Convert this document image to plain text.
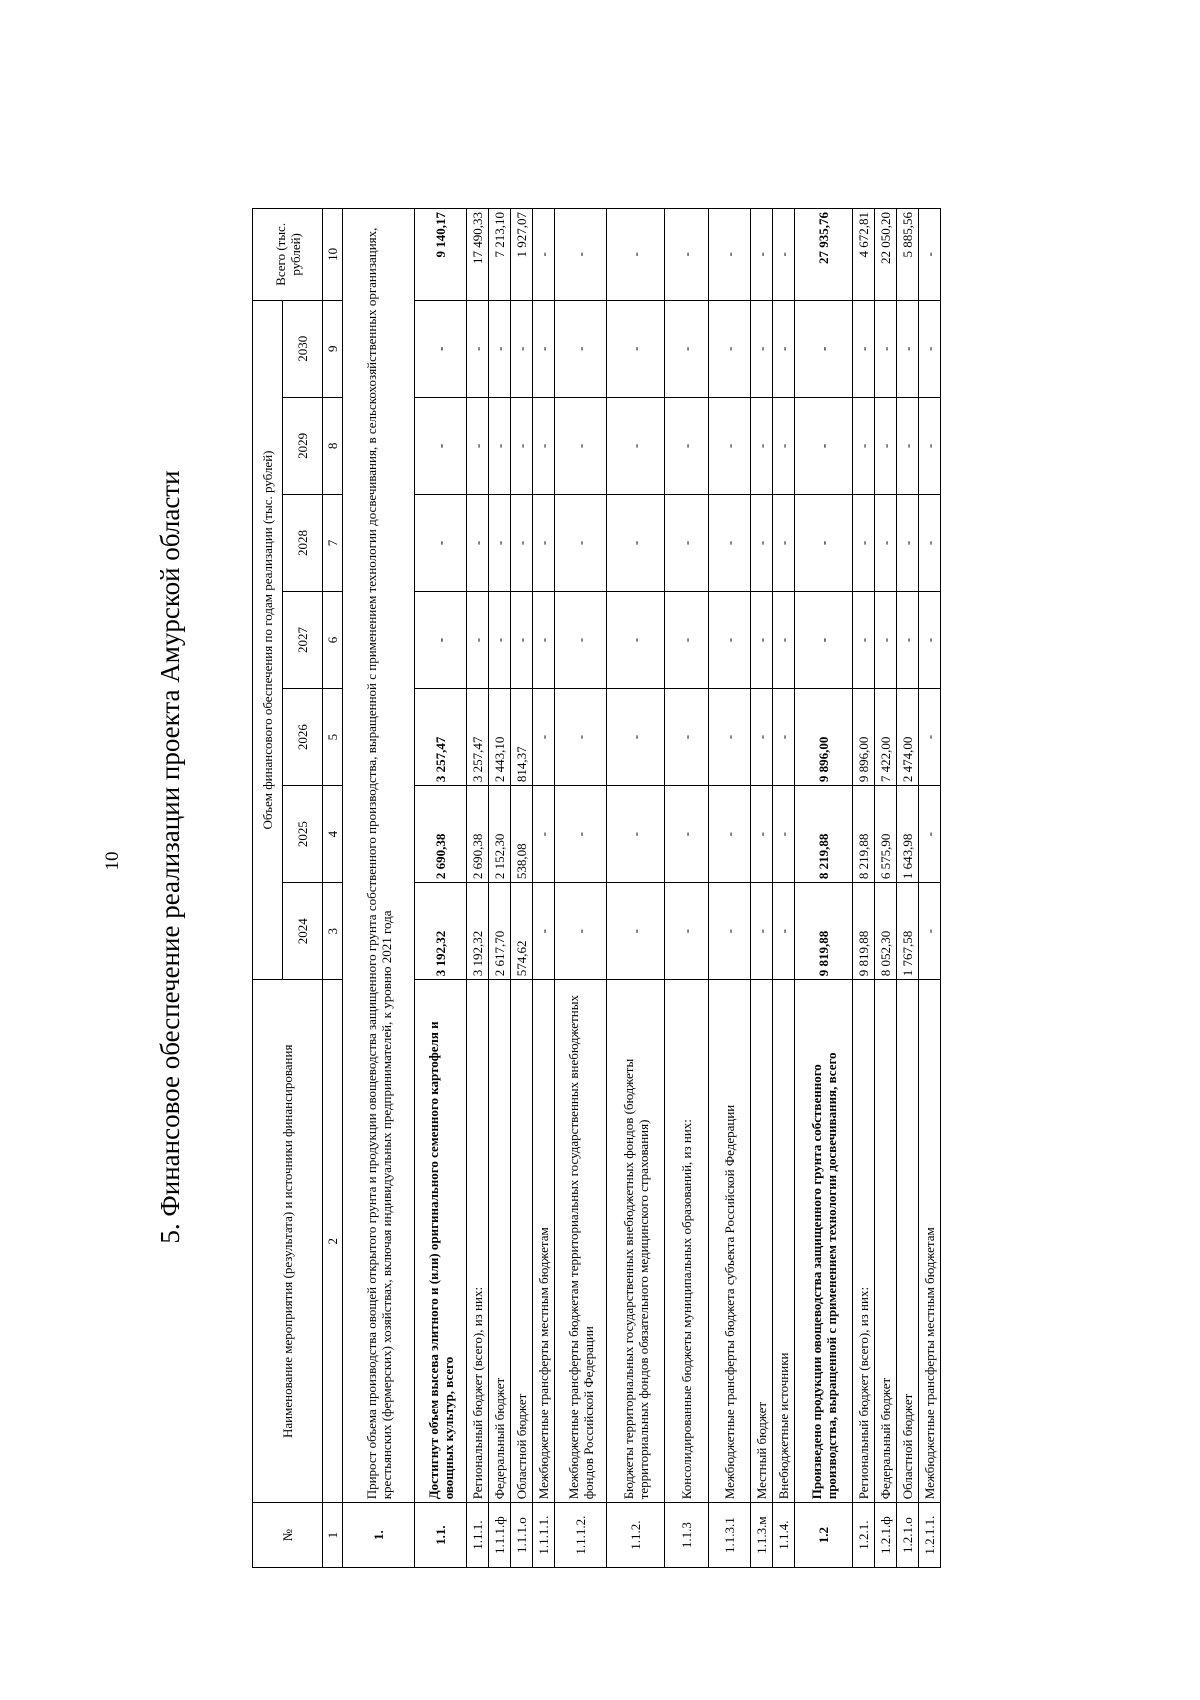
10 5. Финансовое обеспечение реализации проекта Амурской области
№	Наименование мероприятия (результата) и источники финансирования	Объем финансового обеспечения по годам реализации (тыс. рублей)							Всего (тыс. рублей)
		2024	2025	2026	2027	2028	2029	2030	
1	2	3	4	5	6	7	8	9	10
1.	Прирост объема производства овощей открытого грунта и продукции овощеводства защищенного грунта собственного производства, выращенной с применением технологии досвечивания, в сельскохозяйственных организациях, крестьянских (фермерских) хозяйствах, включая индивидуальных предпринимателей, к уровню 2021 года								
1.1.	Достигнут объем высева элитного и (или) оригинального семенного картофеля и овощных культур, всего	3 192,32	2 690,38	3 257,47	-	-	-	-	9 140,17
1.1.1.	Региональный бюджет (всего), из них:	3 192,32	2 690,38	3 257,47	-	-	-	-	17 490,33
1.1.1.ф	Федеральный бюджет	2 617,70	2 152,30	2 443,10	-	-	-	-	7 213,10
1.1.1.о	Областной бюджет	574,62	538,08	814,37	-	-	-	-	1 927,07
1.1.1.1.	Межбюджетные трансферты местным бюджетам	-	-	-	-	-	-	-	-
1.1.1.2.	Межбюджетные трансферты бюджетам территориальных государственных внебюджетных фондов Российской Федерации	-	-	-	-	-	-	-	-
1.1.2.	Бюджеты территориальных государственных внебюджетных фондов (бюджеты территориальных фондов обязательного медицинского страхования)	-	-	-	-	-	-	-	-
1.1.3	Консолидированные бюджеты муниципальных образований, из них:	-	-	-	-	-	-	-	-
1.1.3.1	Межбюджетные трансферты бюджета субъекта Российской Федерации	-	-	-	-	-	-	-	-
1.1.3.м	Местный бюджет	-	-	-	-	-	-	-	-
1.1.4.	Внебюджетные источники	-	-	-	-	-	-	-	-
1.2	Произведено продукции овощеводства защищенного грунта собственного производства, выращенной с применением технологии досвечивания, всего	9 819,88	8 219,88	9 896,00	-	-	-	-	27 935,76
1.2.1.	Региональный бюджет (всего), из них:	9 819,88	8 219,88	9 896,00	-	-	-	-	4 672,81
1.2.1.ф	Федеральный бюджет	8 052,30	6 575,90	7 422,00	-	-	-	-	22 050,20
1.2.1.о	Областной бюджет	1 767,58	1 643,98	2 474,00	-	-	-	-	5 885,56
1.2.1.1.	Межбюджетные трансферты местным бюджетам	-	-	-	-	-	-	-	-
